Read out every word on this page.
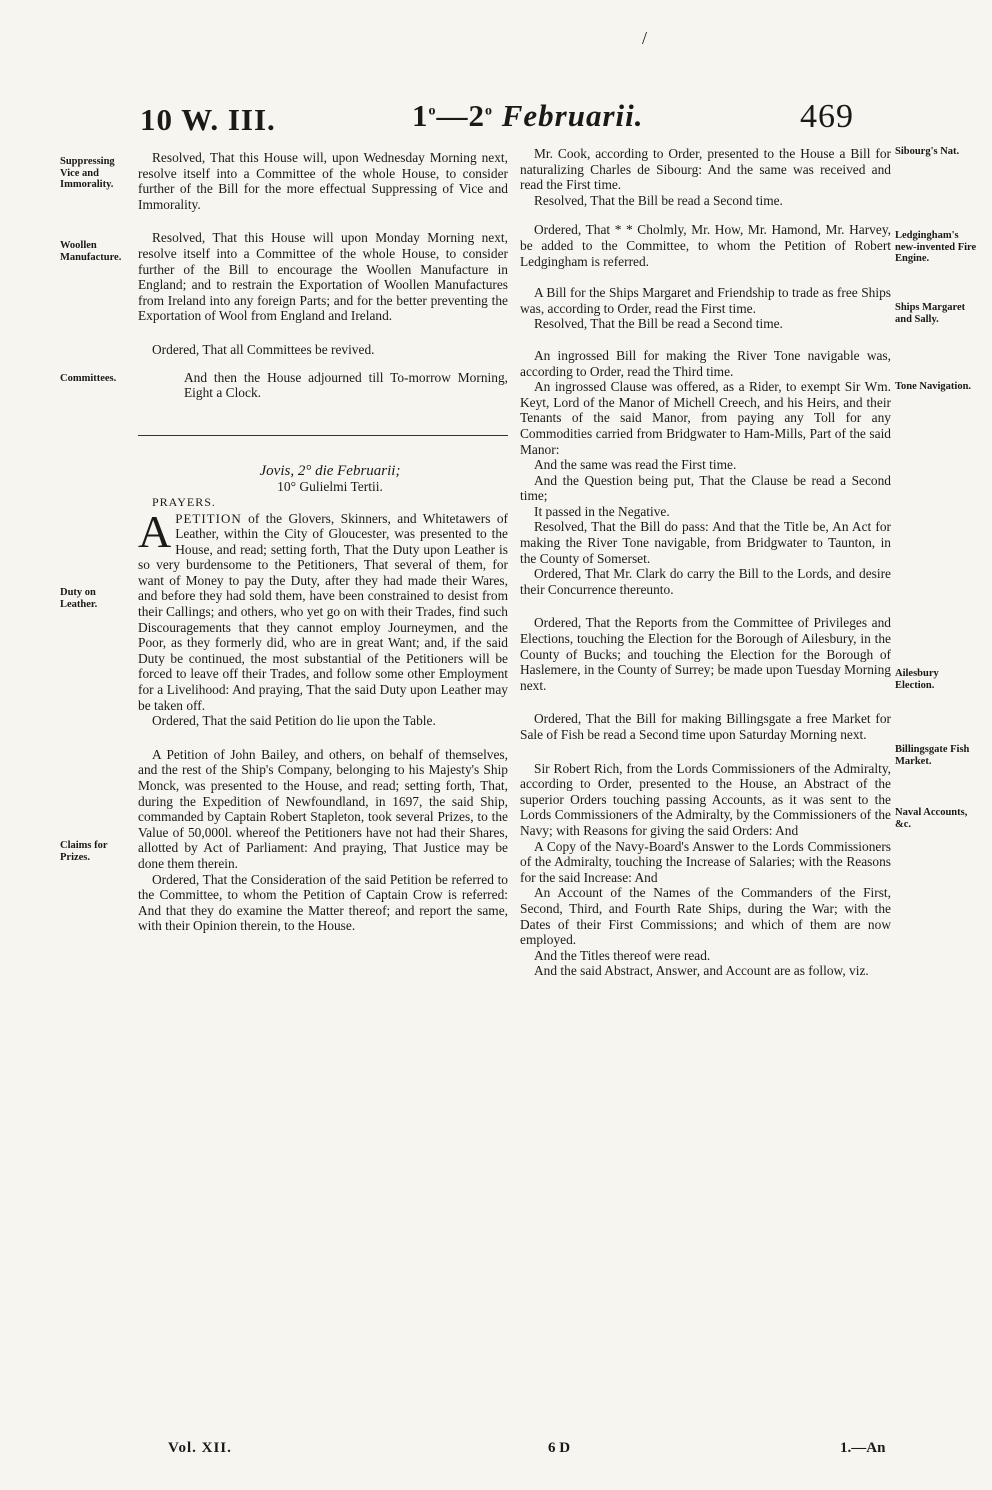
/
10 W. III.	1$^o$—2$^o$ Februarii.	469
Suppressing Vice and Immorality.
Woollen Manufacture.
Committees.
Duty on Leather.
Claims for Prizes.
Sibourg's Nat.
Ledgingham's new-invented Fire Engine.
Ships Margaret and Sally.
Tone Navigation.
Ailesbury Election.
Billingsgate Fish Market.
Naval Accounts, &c.

Resolved, That this House will, upon Wednesday Morning next, resolve itself into a Committee of the whole House, to consider further of the Bill for the more effectual Suppressing of Vice and Immorality.

Resolved, That this House will upon Monday Morning next, resolve itself into a Committee of the whole House, to consider further of the Bill to encourage the Woollen Manufacture in England; and to restrain the Exportation of Woollen Manufactures from Ireland into any foreign Parts; and for the better preventing the Exportation of Wool from England and Ireland.

Ordered, That all Committees be revived.

And then the House adjourned till To-morrow Morning, Eight a Clock.

Jovis, 2° die Februarii;

10° Gulielmi Tertii.

PRAYERS.

APETITION of the Glovers, Skinners, and Whitetawers of Leather, within the City of Gloucester, was presented to the House, and read; setting forth, That the Duty upon Leather is so very burdensome to the Petitioners, That several of them, for want of Money to pay the Duty, after they had made their Wares, and before they had sold them, have been constrained to desist from their Callings; and others, who yet go on with their Trades, find such Discouragements that they cannot employ Journeymen, and the Poor, as they formerly did, who are in great Want; and, if the said Duty be continued, the most substantial of the Petitioners will be forced to leave off their Trades, and follow some other Employment for a Livelihood: And praying, That the said Duty upon Leather may be taken off.

Ordered, That the said Petition do lie upon the Table.

A Petition of John Bailey, and others, on behalf of themselves, and the rest of the Ship's Company, belonging to his Majesty's Ship Monck, was presented to the House, and read; setting forth, That, during the Expedition of Newfoundland, in 1697, the said Ship, commanded by Captain Robert Stapleton, took several Prizes, to the Value of 50,000l. whereof the Petitioners have not had their Shares, allotted by Act of Parliament: And praying, That Justice may be done them therein.

Ordered, That the Consideration of the said Petition be referred to the Committee, to whom the Petition of Captain Crow is referred: And that they do examine the Matter thereof; and report the same, with their Opinion therein, to the House.

Mr. Cook, according to Order, presented to the House a Bill for naturalizing Charles de Sibourg: And the same was received and read the First time.

Resolved, That the Bill be read a Second time.

Ordered, That * * Cholmly, Mr. How, Mr. Hamond, Mr. Harvey, be added to the Committee, to whom the Petition of Robert Ledgingham is referred.

A Bill for the Ships Margaret and Friendship to trade as free Ships was, according to Order, read the First time.

Resolved, That the Bill be read a Second time.

An ingrossed Bill for making the River Tone navigable was, according to Order, read the Third time.

An ingrossed Clause was offered, as a Rider, to exempt Sir Wm. Keyt, Lord of the Manor of Michell Creech, and his Heirs, and their Tenants of the said Manor, from paying any Toll for any Commodities carried from Bridgwater to Ham-Mills, Part of the said Manor:

And the same was read the First time.

And the Question being put, That the Clause be read a Second time;

It passed in the Negative.

Resolved, That the Bill do pass: And that the Title be, An Act for making the River Tone navigable, from Bridgwater to Taunton, in the County of Somerset.

Ordered, That Mr. Clark do carry the Bill to the Lords, and desire their Concurrence thereunto.

Ordered, That the Reports from the Committee of Privileges and Elections, touching the Election for the Borough of Ailesbury, in the County of Bucks; and touching the Election for the Borough of Haslemere, in the County of Surrey; be made upon Tuesday Morning next.

Ordered, That the Bill for making Billingsgate a free Market for Sale of Fish be read a Second time upon Saturday Morning next.

Sir Robert Rich, from the Lords Commissioners of the Admiralty, according to Order, presented to the House, an Abstract of the superior Orders touching passing Accounts, as it was sent to the Lords Commissioners of the Admiralty, by the Commissioners of the Navy; with Reasons for giving the said Orders: And

A Copy of the Navy-Board's Answer to the Lords Commissioners of the Admiralty, touching the Increase of Salaries; with the Reasons for the said Increase: And

An Account of the Names of the Commanders of the First, Second, Third, and Fourth Rate Ships, during the War; with the Dates of their First Commissions; and which of them are now employed.

And the Titles thereof were read.

And the said Abstract, Answer, and Account are as follow, viz.

Vol. XII.	6 D	1.—An
